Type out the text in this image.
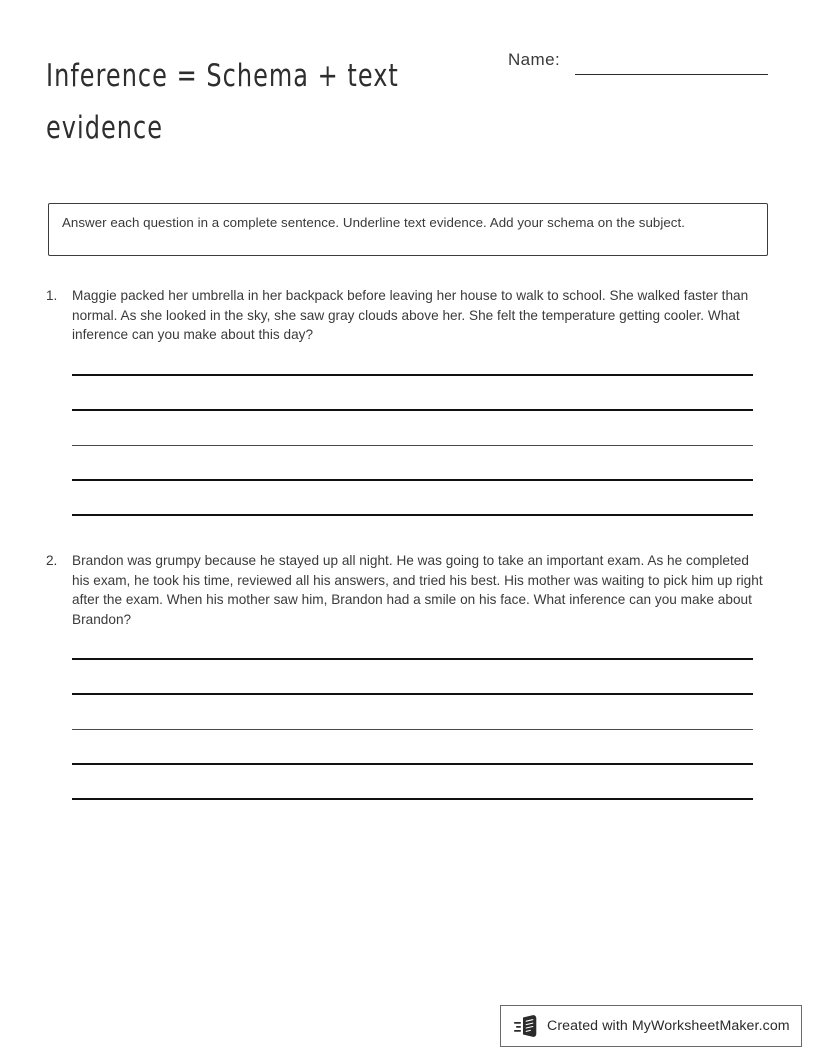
Inference = Schema + text evidence
Name:
Answer each question in a complete sentence. Underline text evidence. Add your schema on the subject.
1.	Maggie packed her umbrella in her backpack before leaving her house to walk to school. She walked faster than normal. As she looked in the sky, she saw gray clouds above her. She felt the temperature getting cooler. What inference can you make about this day?
2.	Brandon was grumpy because he stayed up all night. He was going to take an important exam. As he completed his exam, he took his time, reviewed all his answers, and tried his best. His mother was waiting to pick him up right after the exam. When his mother saw him, Brandon had a smile on his face. What inference can you make about Brandon?
Created with MyWorksheetMaker.com
